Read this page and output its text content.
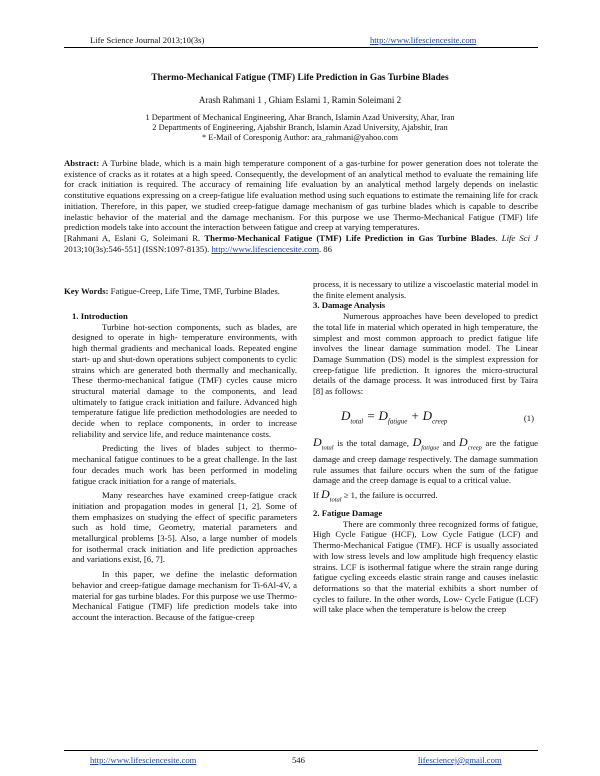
Life Science Journal 2013;10(3s)	http://www.lifesciencesite.com
Thermo-Mechanical Fatigue (TMF) Life Prediction in Gas Turbine Blades
Arash Rahmani 1 , Ghiam Eslami 1, Ramin Soleimani 2
1 Department of Mechanical Engineering, Ahar Branch, Islamin Azad University, Ahar, Iran
2 Departments of Engineering, Ajabshir Branch, Islamin Azad University, Ajabshir, Iran
* E-Mail of Coresponig Author: ara_rahmani@yahoo.com
Abstract: A Turbine blade, which is a main high temperature component of a gas-turbine for power generation does not tolerate the existence of cracks as it rotates at a high speed. Consequently, the development of an analytical method to evaluate the remaining life for crack initiation is required. The accuracy of remaining life evaluation by an analytical method largely depends on inelastic constitutive equations expressing on a creep-fatigue life evaluation method using such equations to estimate the remaining life for crack initiation. Therefore, in this paper, we studied creep-fatigue damage mechanism of gas turbine blades which is capable to describe inelastic behavior of the material and the damage mechanism. For this purpose we use Thermo-Mechanical Fatigue (TMF) life prediction models take into account the interaction between fatigue and creep at varying temperatures.
[Rahmani A, Eslani G, Soleimani R. Thermo-Mechanical Fatigue (TMF) Life Prediction in Gas Turbine Blades. Life Sci J 2013;10(3s):546-551] (ISSN:1097-8135). http://www.lifesciencesite.com. 86
Key Words: Fatigue-Creep, Life Time, TMF, Turbine Blades.

1. Introduction

Turbine hot-section components, such as blades, are designed to operate in high- temperature environments, with high thermal gradients and mechanical loads. Repeated engine start- up and shut-down operations subject components to cyclic strains which are generated both thermally and mechanically. These thermo-mechanical fatigue (TMF) cycles cause micro structural material damage to the components, and lead ultimately to fatigue crack initiation and failure. Advanced high temperature fatigue life prediction methodologies are needed to decide when to replace components, in order to increase reliability and service life, and reduce maintenance costs.

Predicting the lives of blades subject to thermo-mechanical fatigue continues to be a great challenge. In the last four decades much work has been performed in modeling fatigue crack initiation for a range of materials.

Many researches have examined creep-fatigue crack initiation and propagation modes in general [1, 2]. Some of them emphasizes on studying the effect of specific parameters such as hold time, Geometry, material parameters and metallurgical problems [3-5]. Also, a large number of models for isothermal crack initiation and life prediction approaches and variations exist, [6, 7].

In this paper, we define the inelastic deformation behavior and creep-fatigue damage mechanism for Ti-6Al-4V, a material for gas turbine blades. For this purpose we use Thermo-Mechanical Fatigue (TMF) life prediction models take into account the interaction. Because of the fatigue-creep

process, it is necessary to utilize a viscoelastic material model in the finite element analysis.

3. Damage Analysis

Numerous approaches have been developed to predict the total life in material which operated in high temperature, the simplest and most common approach to predict fatigue life involves the linear damage summation model. The Linear Damage Summation (DS) model is the simplest expression for creep-fatigue life prediction. It ignores the micro-structural details of the damage process. It was introduced first by Taira [8] as follows:

$D_{total} = D_{fatigue} + D_{creep}$	(1)

$D_{total}$ is the total damage, $D_{fatigue}$ and $D_{creep}$ are the fatigue damage and creep damage respectively. The damage summation rule assumes that failure occurs when the sum of the fatigue damage and the creep damage is equal to a critical value.

If $D_{total} \ge 1$, the failure is occurred.

2. Fatigue Damage

There are commonly three recognized forms of fatigue, High Cycle Fatigue (HCF), Low Cycle Fatigue (LCF) and Thermo-Mechanical Fatigue (TMF). HCF is usually associated with low stress levels and low amplitude high frequency elastic strains. LCF is isothermal fatigue where the strain range during fatigue cycling exceeds elastic strain range and causes inelastic deformations so that the material exhibits a short number of cycles to failure. In the other words, Low- Cycle Fatigue (LCF) will take place when the temperature is below the creep

http://www.lifesciencesite.com	546	lifesciencej@gmail.com
